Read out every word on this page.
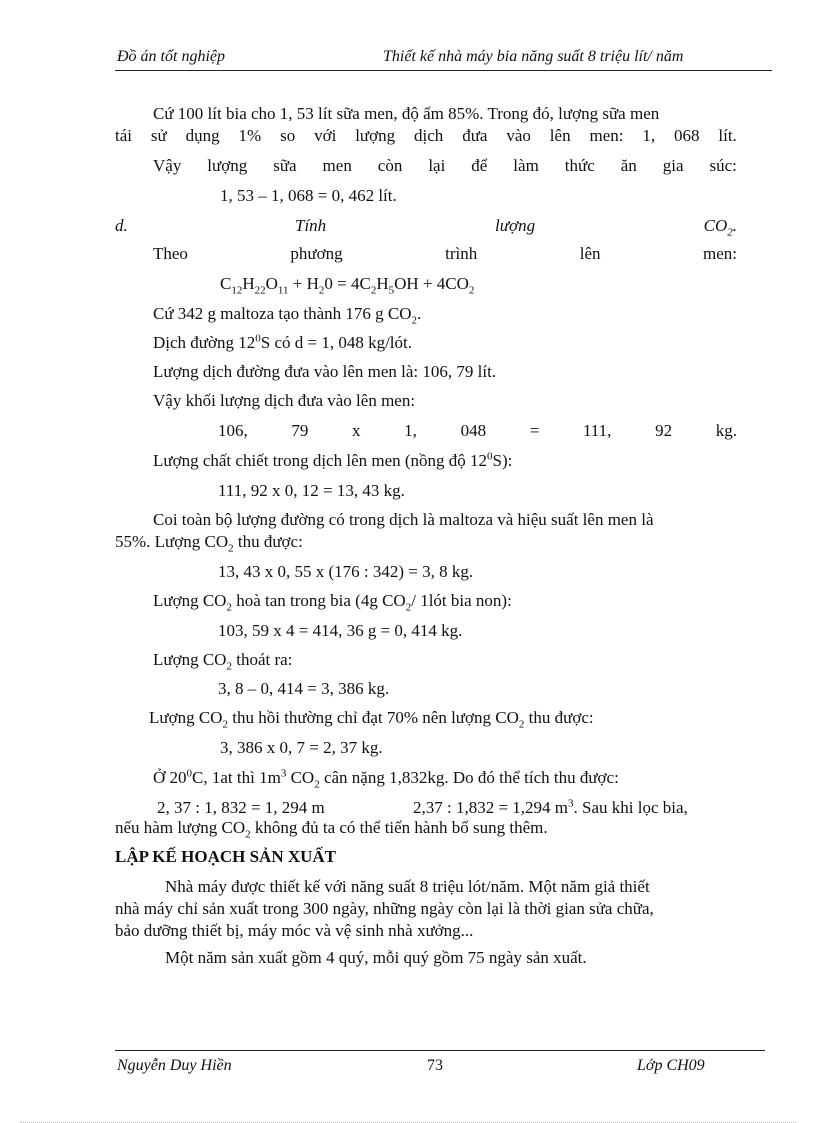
Đồ án tốt nghiệp	Thiết kế nhà máy bia năng suất 8 triệu lít/ năm
Cứ 100 lít bia cho 1, 53 lít sữa men, độ ẩm 85%. Trong đó, lượng sữa men
tái sử dụng 1% so với lượng dịch đưa vào lên men: 1, 068 lít.
Vậy lượng sữa men còn lại để làm thức ăn gia súc:
1, 53 – 1, 068 = 0, 462 lít.
d.	Tính	lượng	$CO_2$.
Theo	phương	trình	lên	men:
$C_{12}H_{22}O_{11} + H_20 = 4C_2H_5OH + 4CO_2$
Cứ 342 g maltoza tạo thành 176 g $CO_2$.
Dịch đường $12^0S$ có d = 1, 048 kg/lót.
Lượng dịch đường đưa vào lên men là: 106, 79 lít.
Vậy khối lượng dịch đưa vào lên men:
106,	79	x	1,	048	=	111,	92	kg.
Lượng chất chiết trong dịch lên men (nồng độ $12^0S$):
111, 92 x 0, 12 = 13, 43 kg.
Coi toàn bộ lượng đường có trong dịch là maltoza và hiệu suất lên men là
55%. Lượng $CO_2$ thu được:
13, 43 x 0, 55 x (176 : 342) = 3, 8 kg.
Lượng $CO_2$ hoà tan trong bia (4g $CO_2/$ 1lót bia non):
103, 59 x 4 = 414, 36 g = 0, 414 kg.
Lượng $CO_2$ thoát ra:
3, 8 – 0, 414 = 3, 386 kg.
Lượng $CO_2$ thu hồi thường chỉ đạt 70% nên lượng $CO_2$ thu được:
3, 386 x 0, 7 = 2, 37 kg.
Ở $20^0C$, 1at thì $1m^3$ $CO_2$ cân nặng 1,832kg. Do đó thể tích thu được:
2, 37 : 1, 832 = 1, 294 m	2,37 : 1,832 = 1,294 $m^3$. Sau khi lọc bia,
nếu hàm lượng $CO_2$ không đủ ta có thể tiến hành bổ sung thêm.
LẬP KẾ HOẠCH SẢN XUẤT
Nhà máy được thiết kế với năng suất 8 triệu lót/năm. Một năm giả thiết
nhà máy chỉ sản xuất trong 300 ngày, những ngày còn lại là thời gian sửa chữa,
bảo dưỡng thiết bị, máy móc và vệ sinh nhà xưởng...
Một năm sản xuất gồm 4 quý, mỗi quý gồm 75 ngày sản xuất.
Nguyễn Duy Hiền	73	Lớp CH09
